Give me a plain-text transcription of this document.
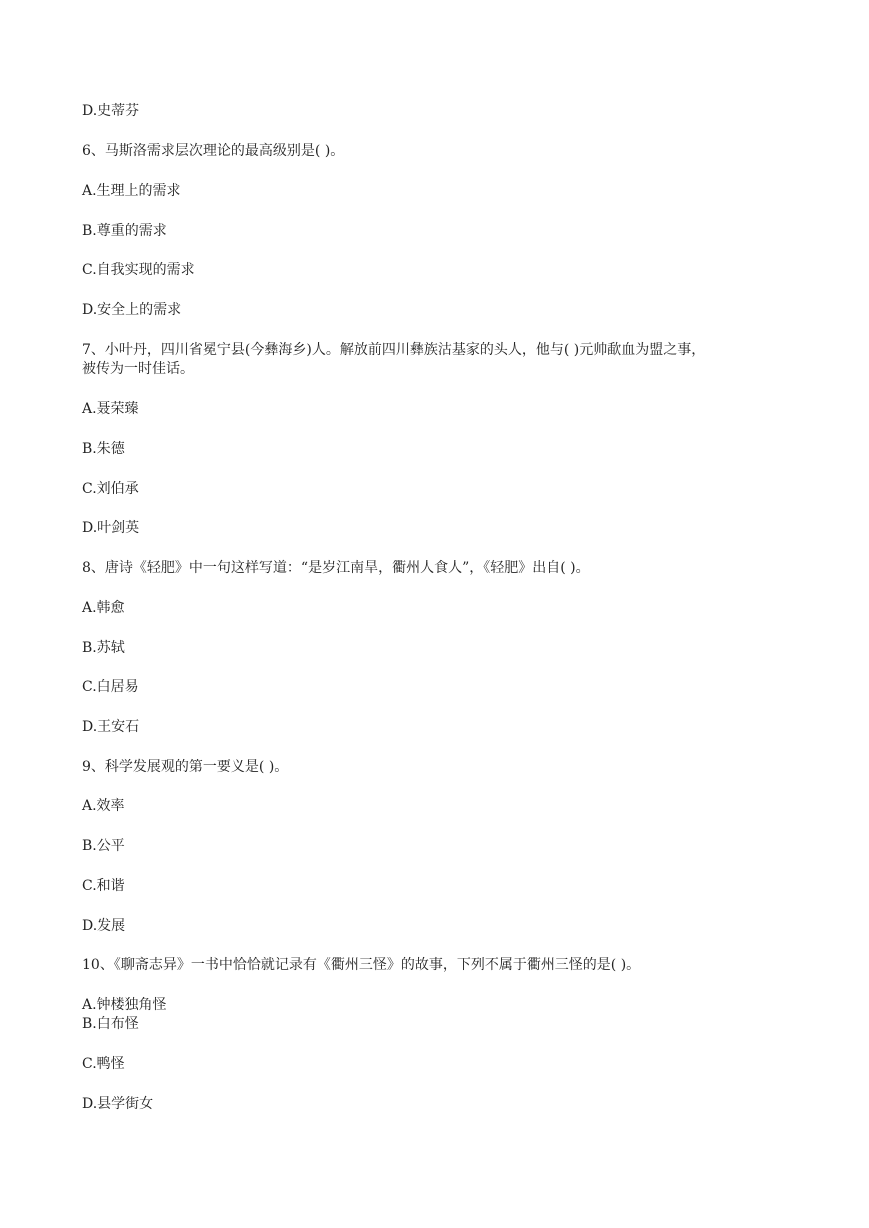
D.史蒂芬
6、马斯洛需求层次理论的最高级别是( )。
A.生理上的需求
B.尊重的需求
C.自我实现的需求
D.安全上的需求
7、小叶丹，四川省冕宁县(今彝海乡)人。解放前四川彝族沽基家的头人，他与( )元帅歃血为盟之事，
被传为一时佳话。
A.聂荣臻
B.朱德
C.刘伯承
D.叶剑英
8、唐诗《轻肥》中一句这样写道：“是岁江南旱，衢州人食人”，《轻肥》出自( )。
A.韩愈
B.苏轼
C.白居易
D.王安石
9、科学发展观的第一要义是( )。
A.效率
B.公平
C.和谐
D.发展
10、《聊斋志异》一书中恰恰就记录有《衢州三怪》的故事，下列不属于衢州三怪的是( )。
A.钟楼独角怪
B.白布怪
C.鸭怪
D.县学街女
